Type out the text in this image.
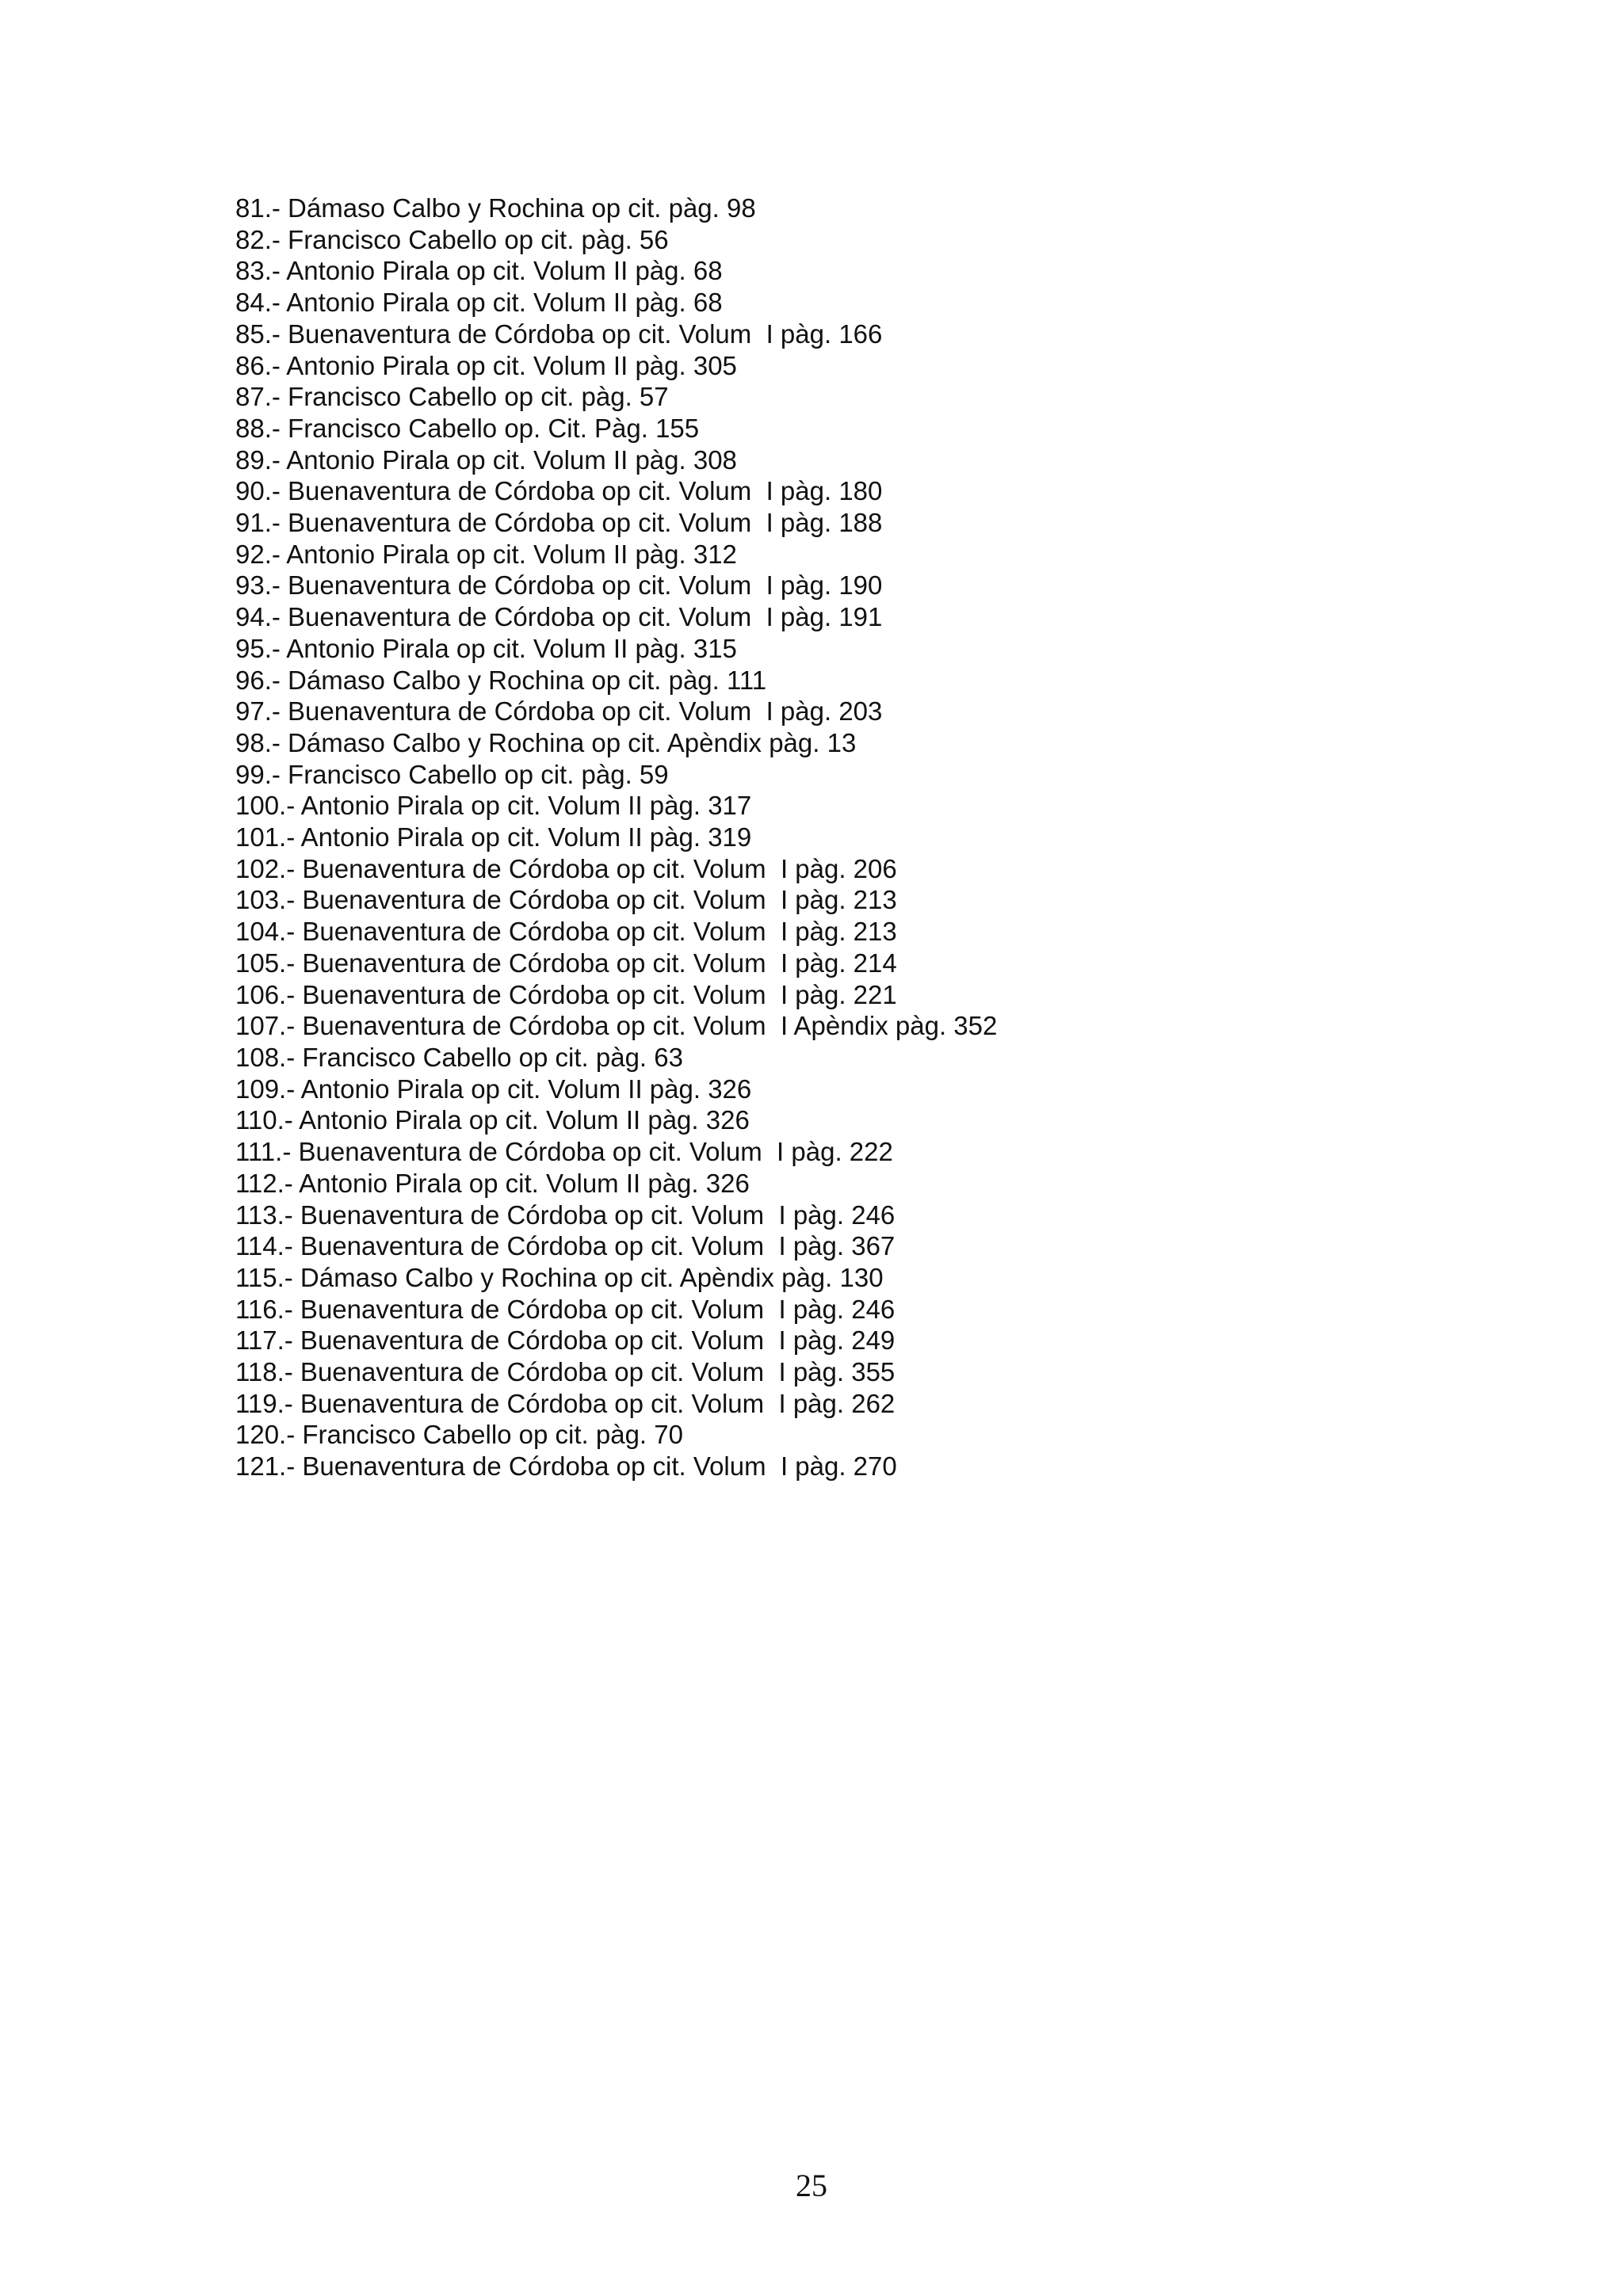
81.- Dámaso Calbo y Rochina op cit. pàg. 98
82.- Francisco Cabello op cit. pàg. 56
83.- Antonio Pirala op cit. Volum II pàg. 68
84.- Antonio Pirala op cit. Volum II pàg. 68
85.- Buenaventura de Córdoba op cit. Volum  I pàg. 166
86.- Antonio Pirala op cit. Volum II pàg. 305
87.- Francisco Cabello op cit. pàg. 57
88.- Francisco Cabello op. Cit. Pàg. 155
89.- Antonio Pirala op cit. Volum II pàg. 308
90.- Buenaventura de Córdoba op cit. Volum  I pàg. 180
91.- Buenaventura de Córdoba op cit. Volum  I pàg. 188
92.- Antonio Pirala op cit. Volum II pàg. 312
93.- Buenaventura de Córdoba op cit. Volum  I pàg. 190
94.- Buenaventura de Córdoba op cit. Volum  I pàg. 191
95.- Antonio Pirala op cit. Volum II pàg. 315
96.- Dámaso Calbo y Rochina op cit. pàg. 111
97.- Buenaventura de Córdoba op cit. Volum  I pàg. 203
98.- Dámaso Calbo y Rochina op cit. Apèndix pàg. 13
99.- Francisco Cabello op cit. pàg. 59
100.- Antonio Pirala op cit. Volum II pàg. 317
101.- Antonio Pirala op cit. Volum II pàg. 319
102.- Buenaventura de Córdoba op cit. Volum  I pàg. 206
103.- Buenaventura de Córdoba op cit. Volum  I pàg. 213
104.- Buenaventura de Córdoba op cit. Volum  I pàg. 213
105.- Buenaventura de Córdoba op cit. Volum  I pàg. 214
106.- Buenaventura de Córdoba op cit. Volum  I pàg. 221
107.- Buenaventura de Córdoba op cit. Volum  I Apèndix pàg. 352
108.- Francisco Cabello op cit. pàg. 63
109.- Antonio Pirala op cit. Volum II pàg. 326
110.- Antonio Pirala op cit. Volum II pàg. 326
111.- Buenaventura de Córdoba op cit. Volum  I pàg. 222
112.- Antonio Pirala op cit. Volum II pàg. 326
113.- Buenaventura de Córdoba op cit. Volum  I pàg. 246
114.- Buenaventura de Córdoba op cit. Volum  I pàg. 367
115.- Dámaso Calbo y Rochina op cit. Apèndix pàg. 130
116.- Buenaventura de Córdoba op cit. Volum  I pàg. 246
117.- Buenaventura de Córdoba op cit. Volum  I pàg. 249
118.- Buenaventura de Córdoba op cit. Volum  I pàg. 355
119.- Buenaventura de Córdoba op cit. Volum  I pàg. 262
120.- Francisco Cabello op cit. pàg. 70
121.- Buenaventura de Córdoba op cit. Volum  I pàg. 270
25
